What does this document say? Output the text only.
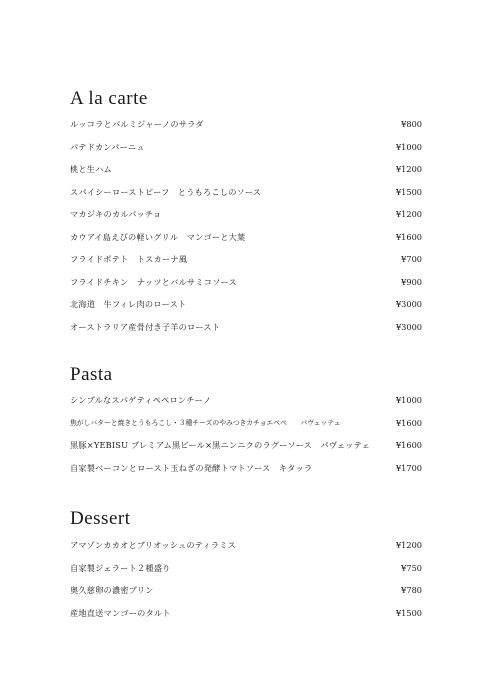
A la carte
ルッコラとパルミジャーノのサラダ	¥800
パテドカンパーニュ	¥1000
桃と生ハム	¥1200
スパイシーローストビーフ　とうもろこしのソース	¥1500
マカジキのカルパッチョ	¥1200
カウアイ島えびの軽いグリル　マンゴーと大葉	¥1600
フライドポテト　トスカーナ風	¥700
フライドチキン　ナッツとバルサミコソース	¥900
北海道　牛フィレ肉のロースト	¥3000
オーストラリア産骨付き子羊のロースト	¥3000
Pasta
シンプルなスパゲティペペロンチーノ	¥1000
焦がしバターと焼きとうもろこし・３種チーズのやみつきカチョエペペ　　パヴェッテェ	¥1600
黒豚×YEBISU プレミアム黒ビール×黒ニンニクのラグーソース　パヴェッテェ	¥1600
自家製ベーコンとロースト玉ねぎの発酵トマトソース　キタッラ	¥1700
Dessert
アマゾンカカオとブリオッシュのティラミス	¥1200
自家製ジェラート２種盛り	¥750
奥久慈卵の濃密プリン	¥780
産地直送マンゴーのタルト	¥1500
